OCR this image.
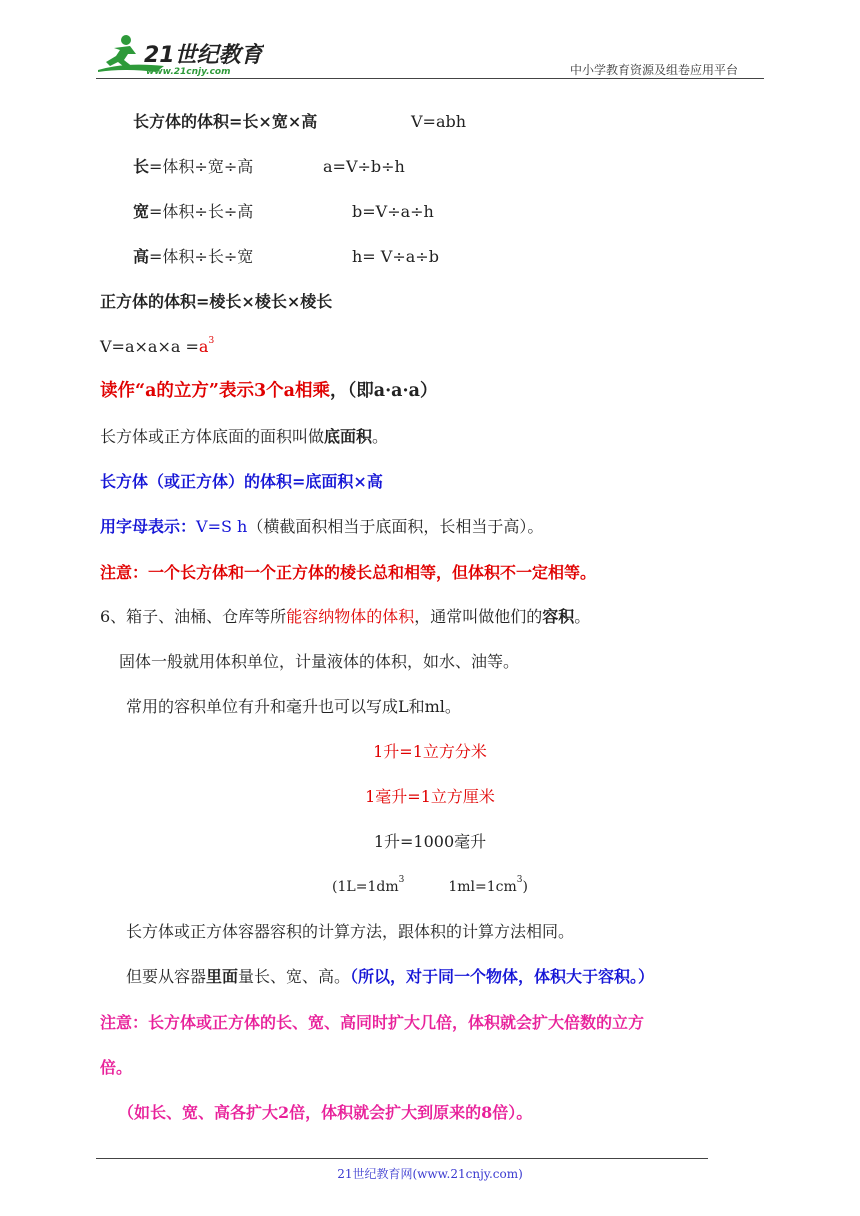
21世纪教育
www.21cnjy.com	中小学教育资源及组卷应用平台
长方体的体积=长×宽×高	V=abh
长=体积÷宽÷高	a=V÷b÷h
宽=体积÷长÷高	b=V÷a÷h
高=体积÷长÷宽	h= V÷a÷b
正方体的体积=棱长×棱长×棱长
$V=a\times a\times a =a^3$
读作“a的立方”表示3个a相乘，（即a·a·a）
长方体或正方体底面的面积叫做底面积。
长方体（或正方体）的体积=底面积×高
用字母表示：V=S h（横截面积相当于底面积，长相当于高）。
注意：一个长方体和一个正方体的棱长总和相等，但体积不一定相等。
6、箱子、油桶、仓库等所能容纳物体的体积，通常叫做他们的容积。
固体一般就用体积单位，计量液体的体积，如水、油等。
常用的容积单位有升和毫升也可以写成L和ml。
1升=1立方分米
1毫升=1立方厘米
1升=1000毫升
($1L=1dm^3$	$1ml=1cm^3$)
长方体或正方体容器容积的计算方法，跟体积的计算方法相同。
但要从容器里面量长、宽、高。（所以，对于同一个物体，体积大于容积。）
注意：长方体或正方体的长、宽、高同时扩大几倍，体积就会扩大倍数的立方
倍。
（如长、宽、高各扩大2倍，体积就会扩大到原来的8倍）。
21世纪教育网(www.21cnjy.com)
